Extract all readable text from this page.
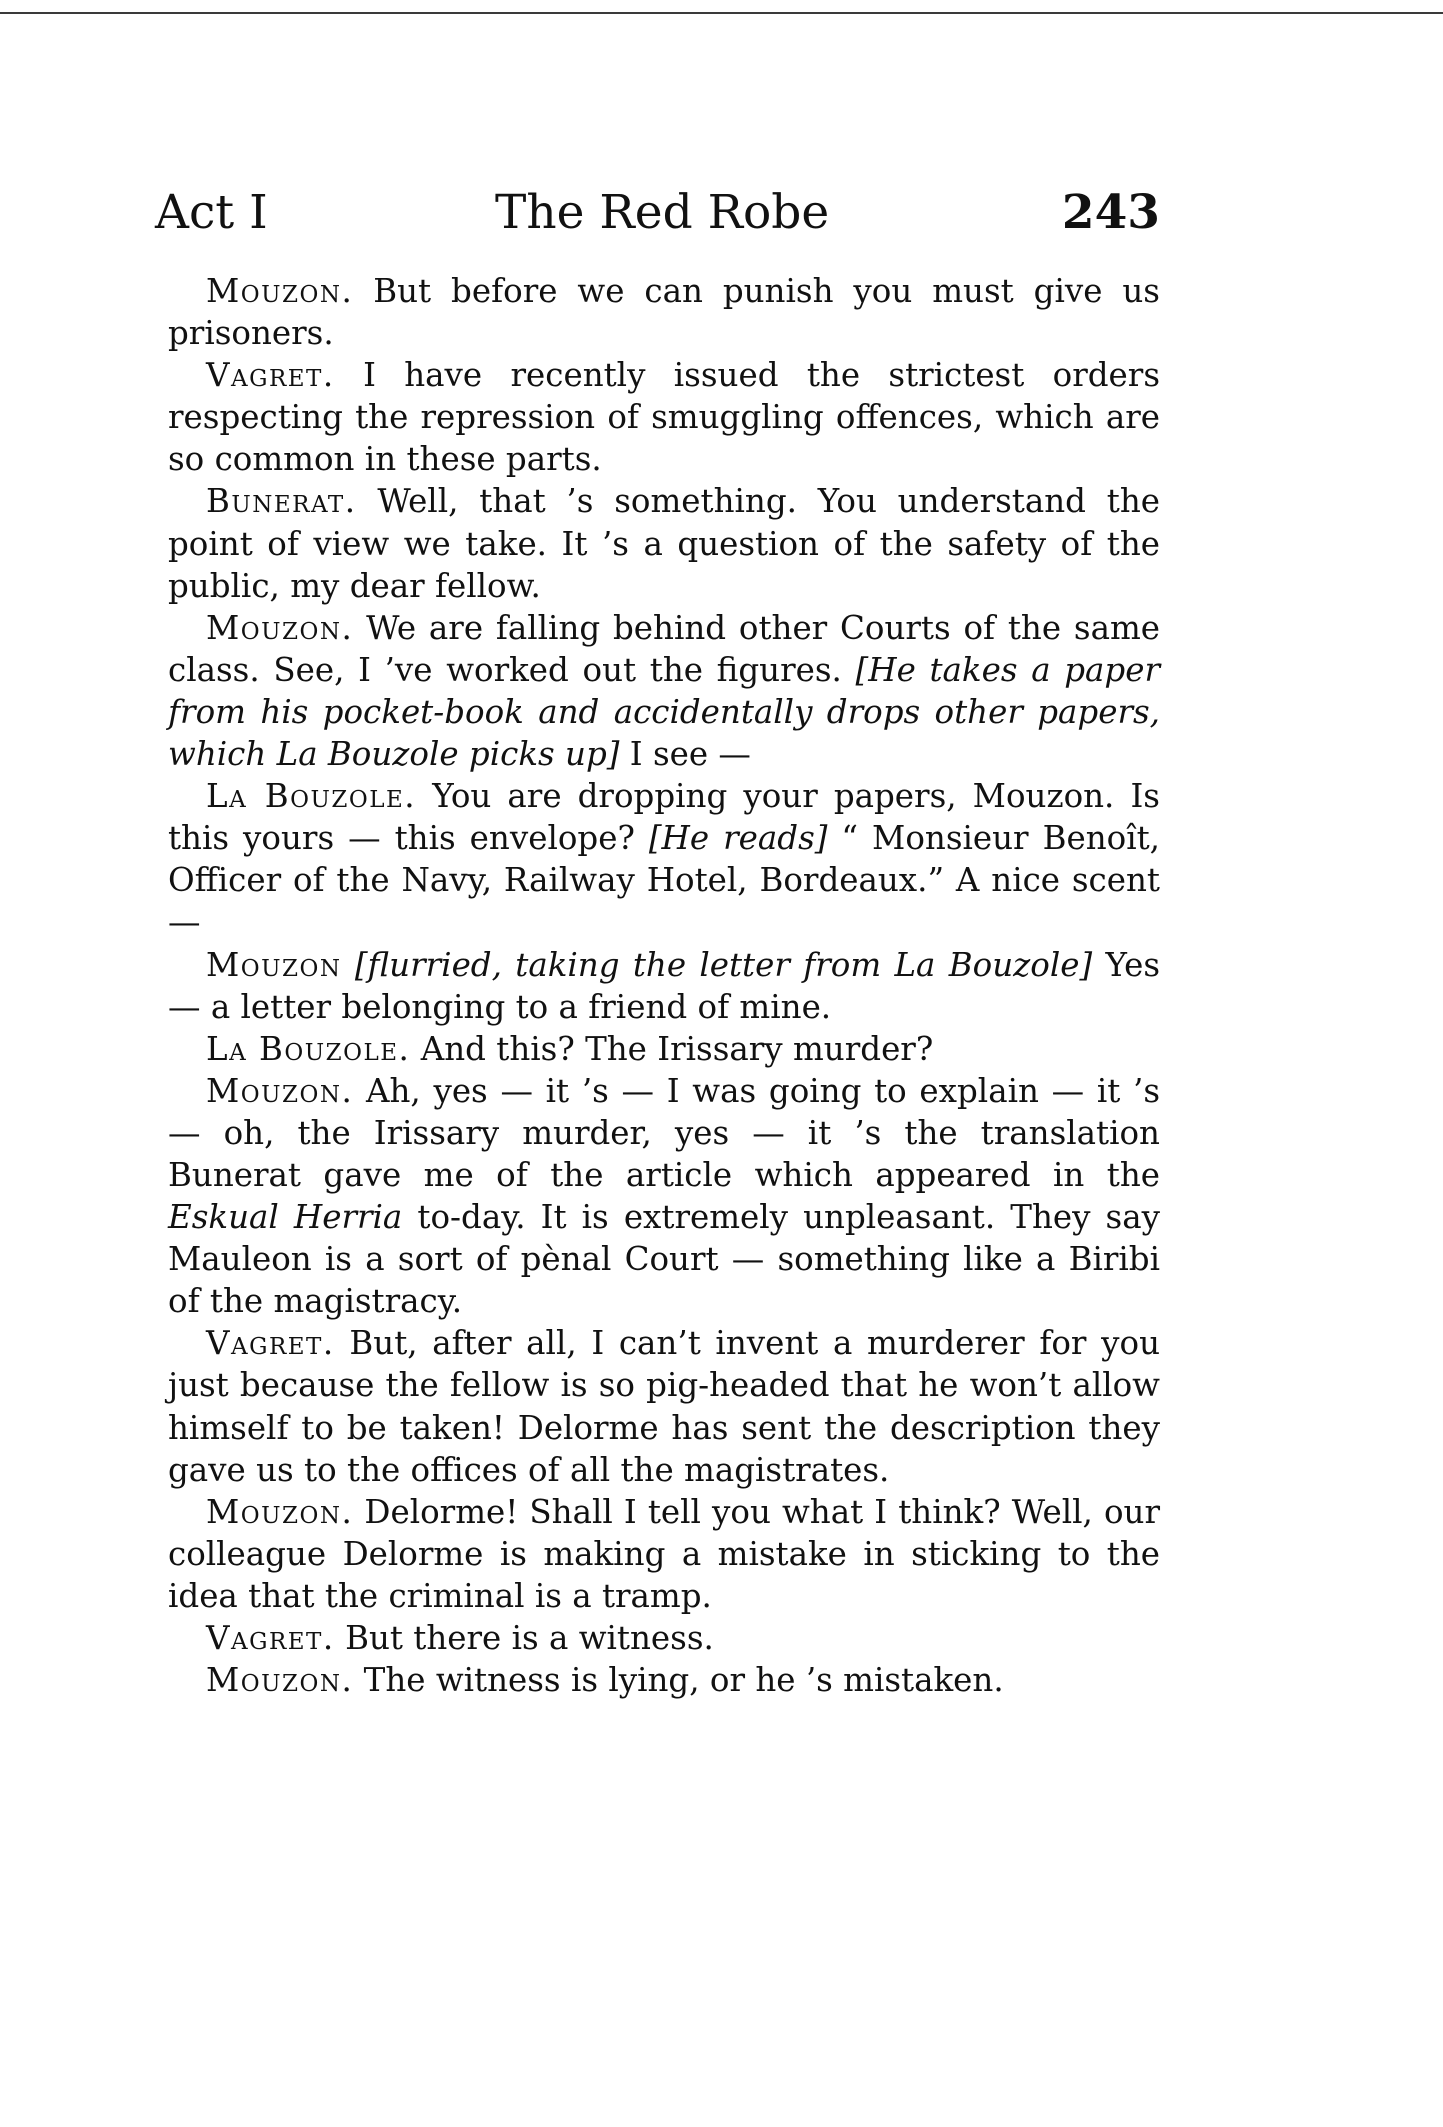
Act I	The Red Robe	243

Mouzon. But before we can punish you must give us prisoners.

Vagret. I have recently issued the strictest orders respecting the repression of smuggling offences, which are so common in these parts.

Bunerat. Well, that ’s something. You understand the point of view we take. It ’s a question of the safety of the public, my dear fellow.

Mouzon. We are falling behind other Courts of the same class. See, I ’ve worked out the figures. [He takes a paper from his pocket-book and accidentally drops other papers, which La Bouzole picks up] I see —

La Bouzole. You are dropping your papers, Mouzon. Is this yours — this envelope? [He reads] “ Monsieur Benoît, Officer of the Navy, Railway Hotel, Bordeaux.” A nice scent —

Mouzon [flurried, taking the letter from La Bouzole] Yes — a letter belonging to a friend of mine.

La Bouzole. And this? The Irissary murder?

Mouzon. Ah, yes — it ’s — I was going to explain — it ’s — oh, the Irissary murder, yes — it ’s the translation Bunerat gave me of the article which appeared in the Eskual Herria to-day. It is extremely unpleasant. They say Mauleon is a sort of pènal Court — something like a Biribi of the magistracy.

Vagret. But, after all, I can’t invent a murderer for you just because the fellow is so pig-headed that he won’t allow himself to be taken! Delorme has sent the description they gave us to the offices of all the magistrates.

Mouzon. Delorme! Shall I tell you what I think? Well, our colleague Delorme is making a mistake in sticking to the idea that the criminal is a tramp.

Vagret. But there is a witness.

Mouzon. The witness is lying, or he ’s mistaken.
